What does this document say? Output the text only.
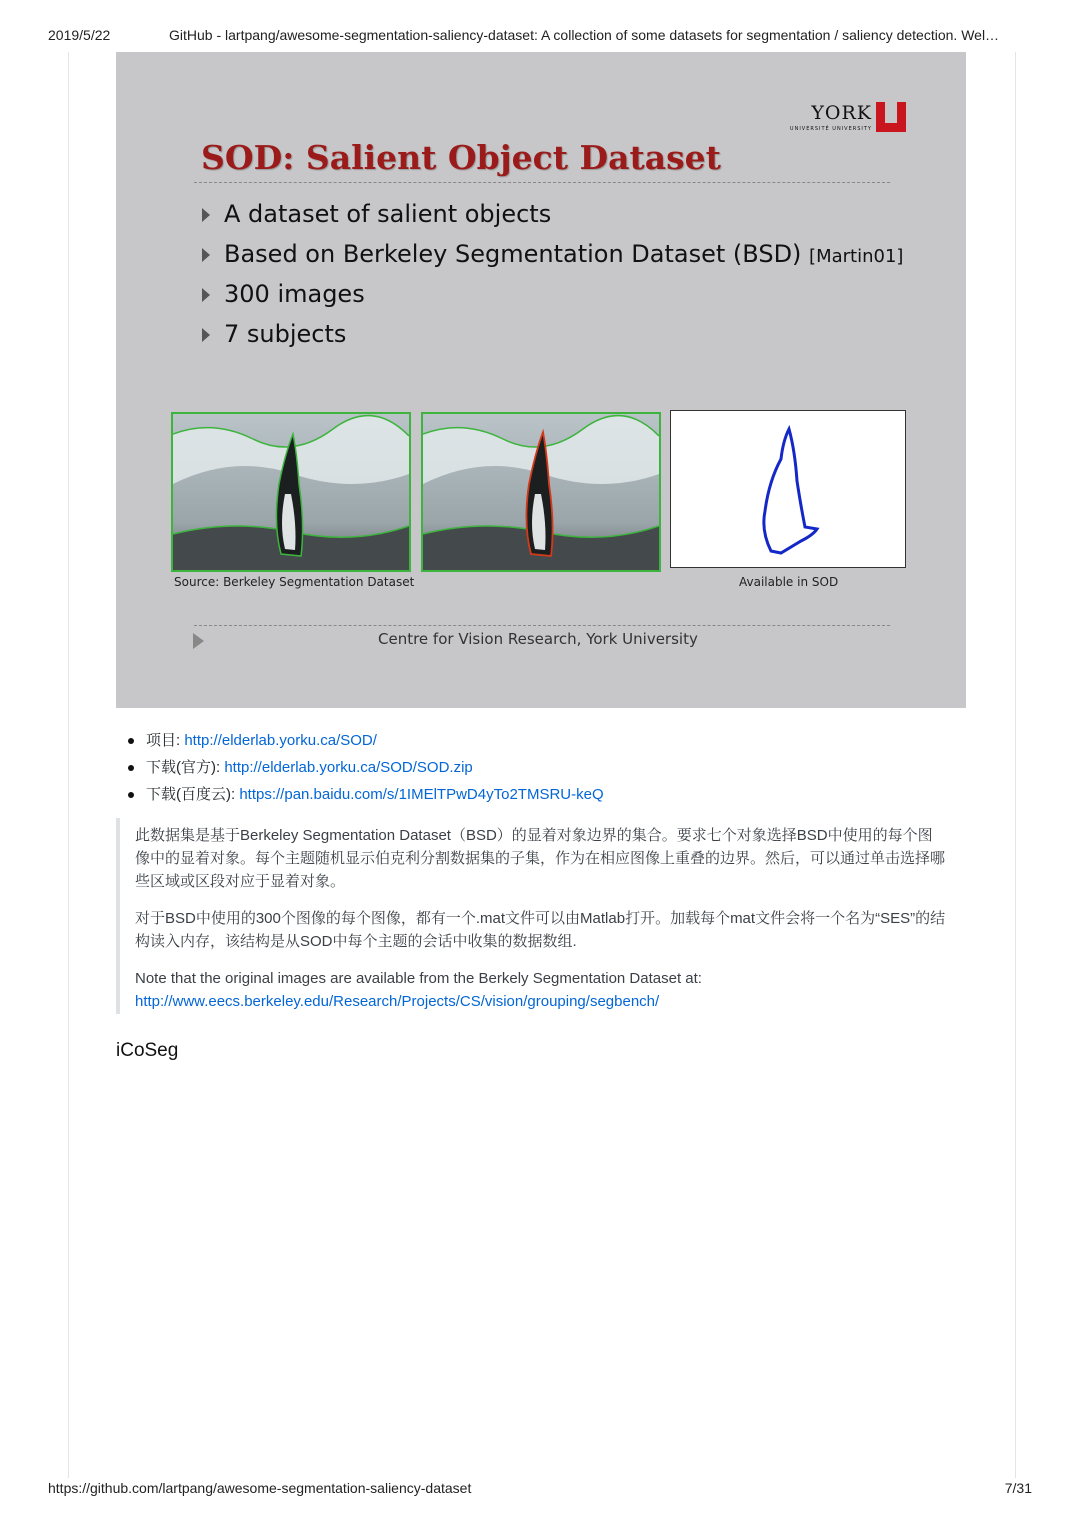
2019/5/22	GitHub - lartpang/awesome-segmentation-saliency-dataset: A collection of some datasets for segmentation / saliency detection. Wel…
YORK
UNIVERSITÉ UNIVERSITY
SOD: Salient Object Dataset
A dataset of salient objects
Based on Berkeley Segmentation Dataset (BSD) [Martin01]
300 images
7 subjects
Source: Berkeley Segmentation Dataset	Available in SOD
Centre for Vision Research, York University
项目: http://elderlab.yorku.ca/SOD/
下载(官方): http://elderlab.yorku.ca/SOD/SOD.zip
下载(百度云): https://pan.baidu.com/s/1IMElTPwD4yTo2TMSRU-keQ

此数据集是基于Berkeley Segmentation Dataset（BSD）的显着对象边界的集合。要求七个对象选择BSD中使用的每个图像中的显着对象。每个主题随机显示伯克利分割数据集的子集，作为在相应图像上重叠的边界。然后，可以通过单击选择哪些区域或区段对应于显着对象。

对于BSD中使用的300个图像的每个图像，都有一个.mat文件可以由Matlab打开。加载每个mat文件会将一个名为“SES”的结构读入内存，该结构是从SOD中每个主题的会话中收集的数据数组.

Note that the original images are available from the Berkely Segmentation Dataset at:
http://www.eecs.berkeley.edu/Research/Projects/CS/vision/grouping/segbench/

iCoSeg
https://github.com/lartpang/awesome-segmentation-saliency-dataset	7/31
